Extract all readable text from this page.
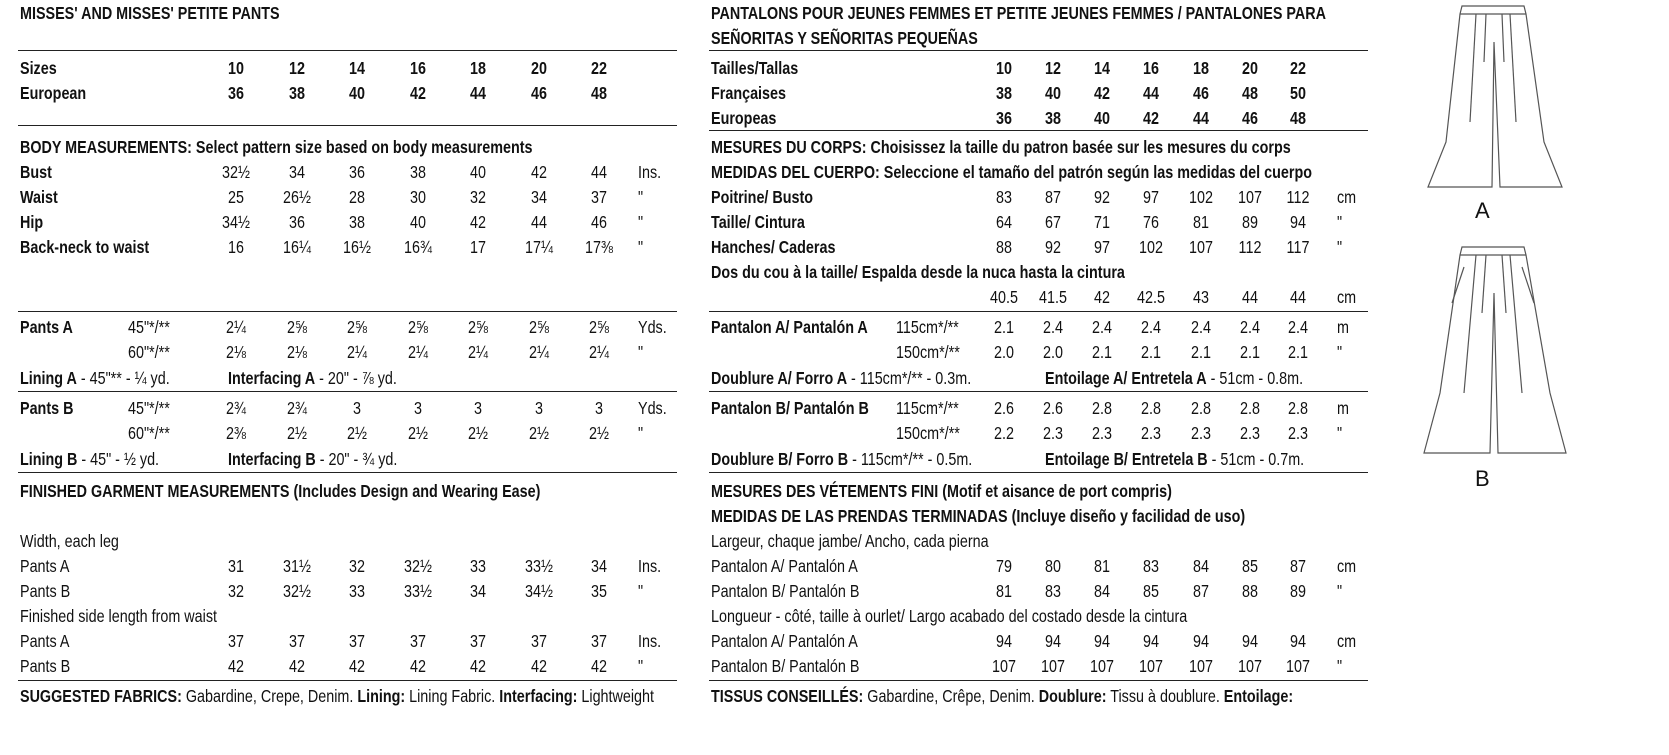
MISSES' AND MISSES' PETITE PANTS
Sizes	10	12	14	16	18	20	22
European	36	38	40	42	44	46	48
BODY MEASUREMENTS: Select pattern size based on body measurements
Bust	32½ 34	36	38	40	42	44 Ins.
Waist	25 26½ 28	30	32	34	37 "
Hip	34½ 36	38	40	42	44	46 "
Back-neck to waist	16 16¼ 16½ 16¾ 17 17¼ 17⅜ "
Pants A	45"*/**	2¼ 2⅝ 2⅝ 2⅝ 2⅝ 2⅝ 2⅝ Yds.
60"*/**	2⅛ 2⅛ 2¼ 2¼ 2¼ 2¼ 2¼ "
Lining A - 45"** - ¼ yd.	Interfacing A - 20" - ⅞ yd.
Pants B	45"*/**	2¾ 2¾	3	3	3	3	3 Yds.
60"*/**	2⅜ 2½ 2½ 2½ 2½ 2½ 2½ "
Lining B - 45" - ½ yd.	Interfacing B - 20" - ¾ yd.
FINISHED GARMENT MEASUREMENTS (Includes Design and Wearing Ease)
Width, each leg
Pants A	31 31½ 32 32½ 33 33½ 34 Ins.
Pants B	32 32½ 33 33½ 34 34½ 35 "
Finished side length from waist
Pants A	37	37	37	37	37	37	37 Ins.
Pants B	42	42	42	42	42	42	42 "
SUGGESTED FABRICS: Gabardine, Crepe, Denim. Lining: Lining Fabric. Interfacing: Lightweight
PANTALONS POUR JEUNES FEMMES ET PETITE JEUNES FEMMES / PANTALONES PARA
SEÑORITAS Y SEÑORITAS PEQUEÑAS
Tailles/Tallas	10 12 14 16 18 20 22
Françaises	38 40 42 44 46 48 50
Europeas	36 38 40 42 44 46 48
MESURES DU CORPS: Choisissez la taille du patron basée sur les mesures du corps
MEDIDAS DEL CUERPO: Seleccione el tamaño del patrón según las medidas del cuerpo
Poitrine/ Busto	83 87 92 97 102 107 112 cm
Taille/ Cintura	64 67 71 76 81 89 94 "
Hanches/ Caderas	88 92 97 102 107 112 117 "
Dos du cou à la taille/ Espalda desde la nuca hasta la cintura
40.5 41.5 42 42.5 43 44 44 cm
Pantalon A/ Pantalón A 115cm*/** 2.1 2.4 2.4 2.4 2.4 2.4 2.4 m
150cm*/** 2.0 2.0 2.1 2.1 2.1 2.1 2.1 "
Doublure A/ Forro A - 115cm*/** - 0.3m.	Entoilage A/ Entretela A - 51cm - 0.8m.
Pantalon B/ Pantalón B 115cm*/** 2.6 2.6 2.8 2.8 2.8 2.8 2.8 m
150cm*/** 2.2 2.3 2.3 2.3 2.3 2.3 2.3 "
Doublure B/ Forro B - 115cm*/** - 0.5m.	Entoilage B/ Entretela B - 51cm - 0.7m.
MESURES DES VÉTEMENTS FINI (Motif et aisance de port compris)
MEDIDAS DE LAS PRENDAS TERMINADAS (Incluye diseño y facilidad de uso)
Largeur, chaque jambe/ Ancho, cada pierna
Pantalon A/ Pantalón A	79 80 81 83 84 85 87 cm
Pantalon B/ Pantalón B	81 83 84 85 87 88 89 "
Longueur - côté, taille à ourlet/ Largo acabado del costado desde la cintura
Pantalon A/ Pantalón A	94 94 94 94 94 94 94 cm
Pantalon B/ Pantalón B	107 107 107 107 107 107 107 "
TISSUS CONSEILLÉS: Gabardine, Crêpe, Denim. Doublure: Tissu à doublure. Entoilage:
A
B
